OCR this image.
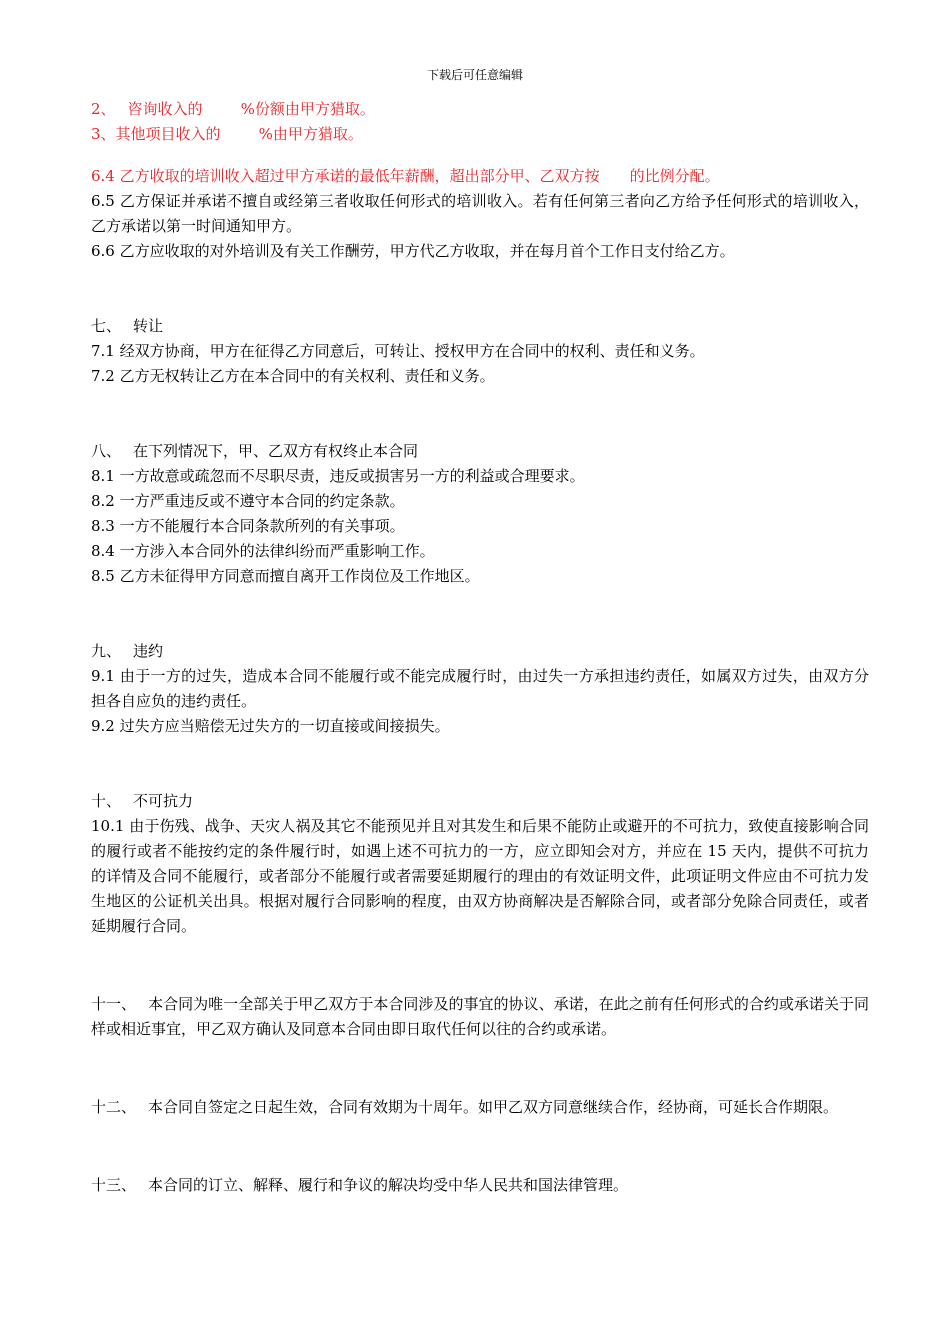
下载后可任意编辑
2、 咨询收入的	%份额由甲方猎取。
3、其他项目收入的	%由甲方猎取。
6.4 乙方收取的培训收入超过甲方承诺的最低年薪酬，超出部分甲、乙双方按 的比例分配。
6.5 乙方保证并承诺不擅自或经第三者收取任何形式的培训收入。若有任何第三者向乙方给予任何形式的培训收入，乙方承诺以第一时间通知甲方。
6.6 乙方应收取的对外培训及有关工作酬劳，甲方代乙方收取，并在每月首个工作日支付给乙方。
七、 转让
7.1 经双方协商，甲方在征得乙方同意后，可转让、授权甲方在合同中的权利、责任和义务。
7.2 乙方无权转让乙方在本合同中的有关权利、责任和义务。
八、 在下列情况下，甲、乙双方有权终止本合同
8.1 一方故意或疏忽而不尽职尽责，违反或损害另一方的利益或合理要求。
8.2 一方严重违反或不遵守本合同的约定条款。
8.3 一方不能履行本合同条款所列的有关事项。
8.4 一方涉入本合同外的法律纠纷而严重影响工作。
8.5 乙方未征得甲方同意而擅自离开工作岗位及工作地区。
九、 违约
9.1 由于一方的过失，造成本合同不能履行或不能完成履行时，由过失一方承担违约责任，如属双方过失，由双方分担各自应负的违约责任。
9.2 过失方应当赔偿无过失方的一切直接或间接损失。
十、 不可抗力
10.1 由于伤残、战争、天灾人祸及其它不能预见并且对其发生和后果不能防止或避开的不可抗力，致使直接影响合同的履行或者不能按约定的条件履行时，如遇上述不可抗力的一方，应立即知会对方，并应在 15 天内，提供不可抗力的详情及合同不能履行，或者部分不能履行或者需要延期履行的理由的有效证明文件，此项证明文件应由不可抗力发生地区的公证机关出具。根据对履行合同影响的程度，由双方协商解决是否解除合同，或者部分免除合同责任，或者延期履行合同。
十一、 本合同为唯一全部关于甲乙双方于本合同涉及的事宜的协议、承诺，在此之前有任何形式的合约或承诺关于同样或相近事宜，甲乙双方确认及同意本合同由即日取代任何以往的合约或承诺。
十二、 本合同自签定之日起生效，合同有效期为十周年。如甲乙双方同意继续合作，经协商，可延长合作期限。
十三、 本合同的订立、解释、履行和争议的解决均受中华人民共和国法律管理。
